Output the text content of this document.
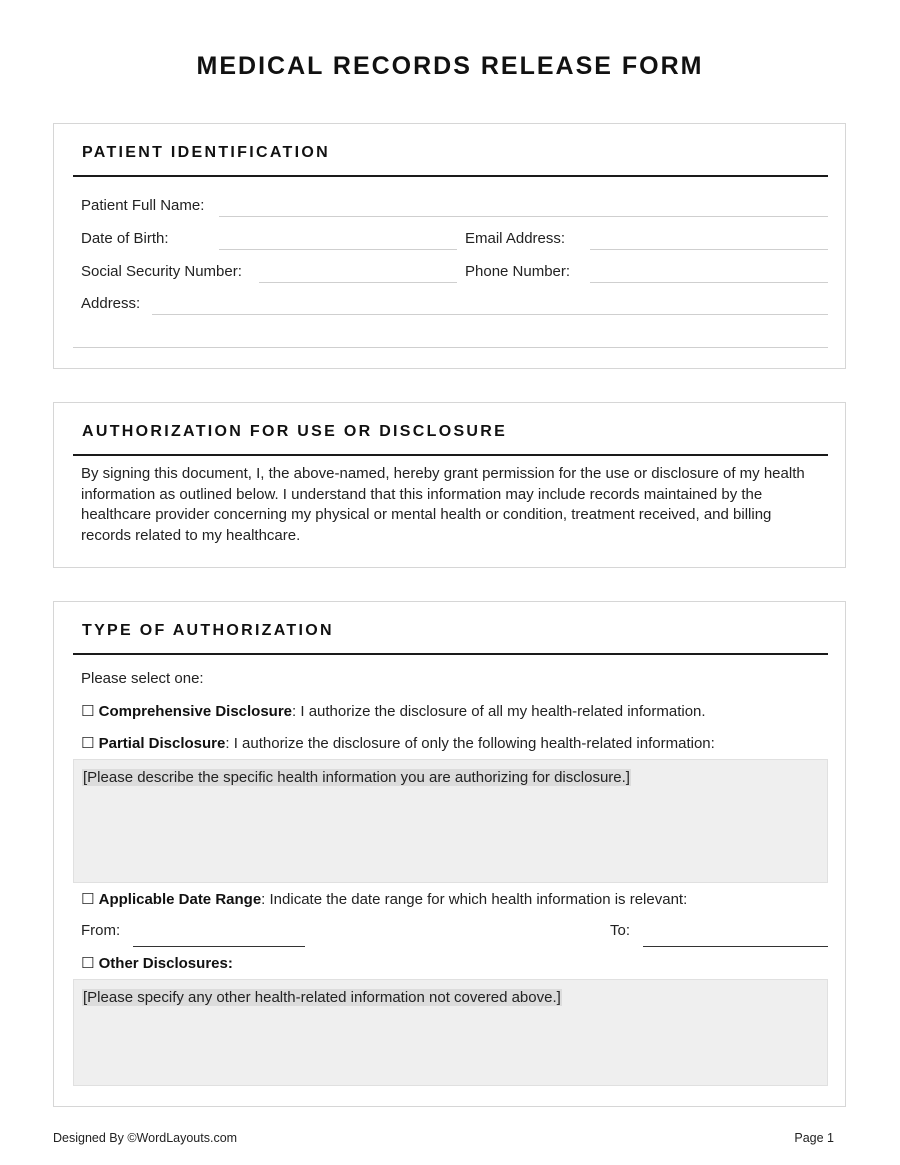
MEDICAL RECORDS RELEASE FORM
PATIENT IDENTIFICATION
Patient Full Name:
Date of Birth:	Email Address:
Social Security Number:	Phone Number:
Address:
AUTHORIZATION FOR USE OR DISCLOSURE
By signing this document, I, the above-named, hereby grant permission for the use or disclosure of my health information as outlined below. I understand that this information may include records maintained by the healthcare provider concerning my physical or mental health or condition, treatment received, and billing records related to my healthcare.
TYPE OF AUTHORIZATION
Please select one:
☐ Comprehensive Disclosure: I authorize the disclosure of all my health-related information.
☐ Partial Disclosure: I authorize the disclosure of only the following health-related information:
[Please describe the specific health information you are authorizing for disclosure.]
☐ Applicable Date Range: Indicate the date range for which health information is relevant:
From:	To:
☐ Other Disclosures:
[Please specify any other health-related information not covered above.]
Designed By ©WordLayouts.com	Page 1
